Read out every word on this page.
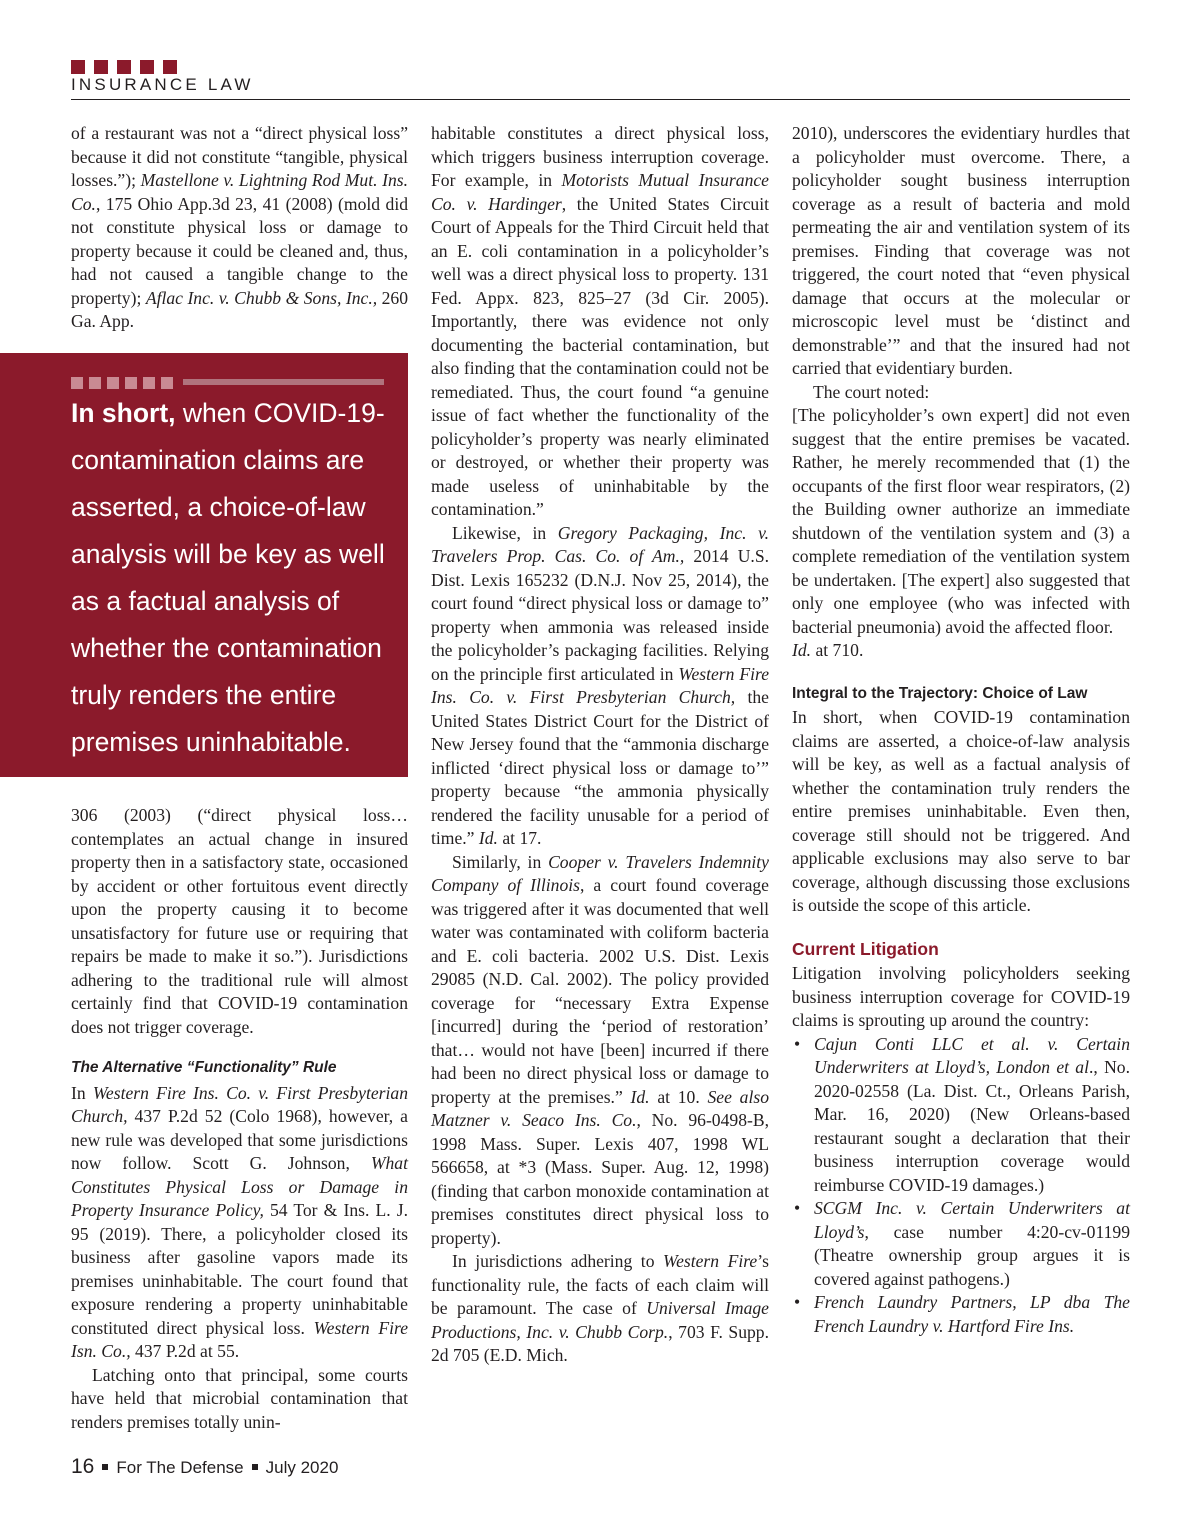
INSURANCE LAW

of a restaurant was not a “direct physical loss” because it did not constitute “tangible, physical losses.”); Mastellone v. Lightning Rod Mut. Ins. Co., 175 Ohio App.3d 23, 41 (2008) (mold did not constitute physical loss or damage to property because it could be cleaned and, thus, had not caused a tangible change to the property); Aflac Inc. v. Chubb & Sons, Inc., 260 Ga. App.

In short, when COVID-19-contamination claims are asserted, a choice-of-law analysis will be key as well as a factual analysis of whether the contamination truly renders the entire premises uninhabitable.

306 (2003) (“direct physical loss… contemplates an actual change in insured property then in a satisfactory state, occasioned by accident or other fortuitous event directly upon the property causing it to become unsatisfactory for future use or requiring that repairs be made to make it so.”). Jurisdictions adhering to the traditional rule will almost certainly find that COVID-19 contamination does not trigger coverage.

The Alternative “Functionality” Rule

In Western Fire Ins. Co. v. First Presbyterian Church, 437 P.2d 52 (Colo 1968), however, a new rule was developed that some jurisdictions now follow. Scott G. Johnson, What Constitutes Physical Loss or Damage in Property Insurance Policy, 54 Tor & Ins. L. J. 95 (2019). There, a policyholder closed its business after gasoline vapors made its premises uninhabitable. The court found that exposure rendering a property uninhabitable constituted direct physical loss. Western Fire Isn. Co., 437 P.2d at 55.

Latching onto that principal, some courts have held that microbial contamination that renders premises totally unin-

habitable constitutes a direct physical loss, which triggers business interruption coverage. For example, in Motorists Mutual Insurance Co. v. Hardinger, the United States Circuit Court of Appeals for the Third Circuit held that an E. coli contamination in a policyholder’s well was a direct physical loss to property. 131 Fed. Appx. 823, 825–27 (3d Cir. 2005). Importantly, there was evidence not only documenting the bacterial contamination, but also finding that the contamination could not be remediated. Thus, the court found “a genuine issue of fact whether the functionality of the policyholder’s property was nearly eliminated or destroyed, or whether their property was made useless of uninhabitable by the contamination.”

Likewise, in Gregory Packaging, Inc. v. Travelers Prop. Cas. Co. of Am., 2014 U.S. Dist. Lexis 165232 (D.N.J. Nov 25, 2014), the court found “direct physical loss or damage to” property when ammonia was released inside the policyholder’s packaging facilities. Relying on the principle first articulated in Western Fire Ins. Co. v. First Presbyterian Church, the United States District Court for the District of New Jersey found that the “ammonia discharge inflicted ‘direct physical loss or damage to’” property because “the ammonia physically rendered the facility unusable for a period of time.” Id. at 17.

Similarly, in Cooper v. Travelers Indemnity Company of Illinois, a court found coverage was triggered after it was documented that well water was contaminated with coliform bacteria and E. coli bacteria. 2002 U.S. Dist. Lexis 29085 (N.D. Cal. 2002). The policy provided coverage for “necessary Extra Expense [incurred] during the ‘period of restoration’ that… would not have [been] incurred if there had been no direct physical loss or damage to property at the premises.” Id. at 10. See also Matzner v. Seaco Ins. Co., No. 96-0498-B, 1998 Mass. Super. Lexis 407, 1998 WL 566658, at *3 (Mass. Super. Aug. 12, 1998) (finding that carbon monoxide contamination at premises constitutes direct physical loss to property).

In jurisdictions adhering to Western Fire’s functionality rule, the facts of each claim will be paramount. The case of Universal Image Productions, Inc. v. Chubb Corp., 703 F. Supp. 2d 705 (E.D. Mich.

2010), underscores the evidentiary hurdles that a policyholder must overcome. There, a policyholder sought business interruption coverage as a result of bacteria and mold permeating the air and ventilation system of its premises. Finding that coverage was not triggered, the court noted that “even physical damage that occurs at the molecular or microscopic level must be ‘distinct and demonstrable’” and that the insured had not carried that evidentiary burden.

The court noted:

[The policyholder’s own expert] did not even suggest that the entire premises be vacated. Rather, he merely recommended that (1) the occupants of the first floor wear respirators, (2) the Building owner authorize an immediate shutdown of the ventilation system and (3) a complete remediation of the ventilation system be undertaken. [The expert] also suggested that only one employee (who was infected with bacterial pneumonia) avoid the affected floor.

Id. at 710.

Integral to the Trajectory: Choice of Law

In short, when COVID-19 contamination claims are asserted, a choice-of-law analysis will be key, as well as a factual analysis of whether the contamination truly renders the entire premises uninhabitable. Even then, coverage still should not be triggered. And applicable exclusions may also serve to bar coverage, although discussing those exclusions is outside the scope of this article.

Current Litigation

Litigation involving policyholders seeking business interruption coverage for COVID-19 claims is sprouting up around the country:

• Cajun Conti LLC et al. v. Certain Underwriters at Lloyd’s, London et al., No. 2020-02558 (La. Dist. Ct., Orleans Parish, Mar. 16, 2020) (New Orleans-based restaurant sought a declaration that their business interruption coverage would reimburse COVID-19 damages.)
• SCGM Inc. v. Certain Underwriters at Lloyd’s, case number 4:20-cv-01199 (Theatre ownership group argues it is covered against pathogens.)
• French Laundry Partners, LP dba The French Laundry v. Hartford Fire Ins.
16 For The Defense July 2020
